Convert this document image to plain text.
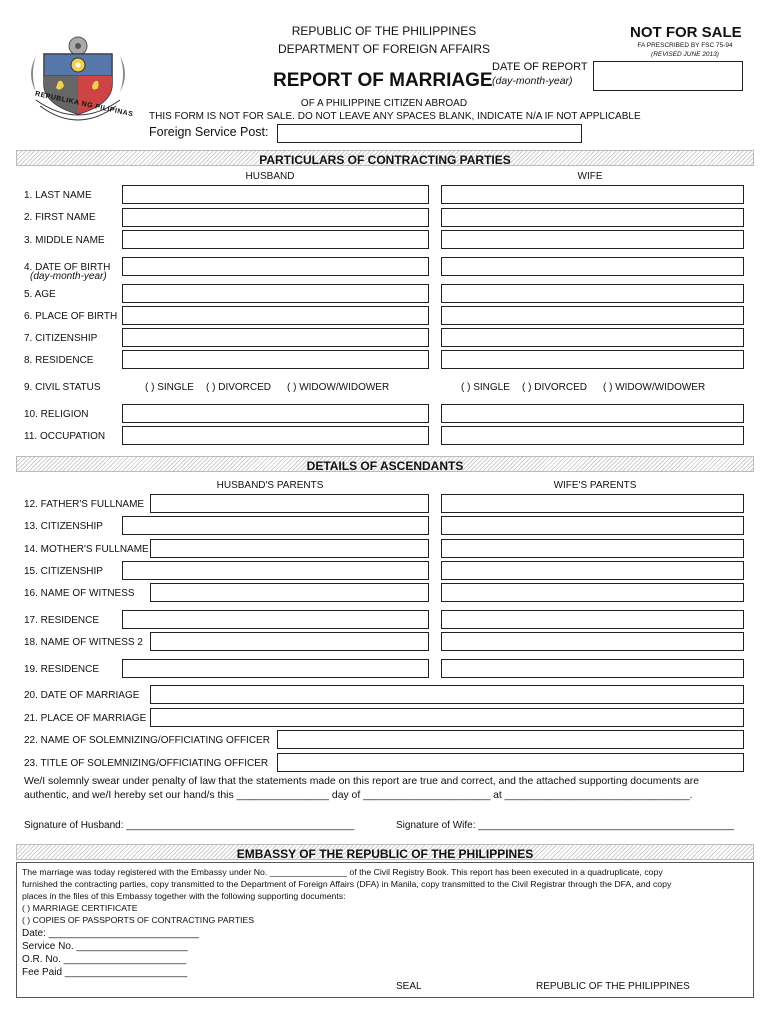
REPUBLIKA NG PILIPINAS
REPUBLIC OF THE PHILIPPINES
DEPARTMENT OF FOREIGN AFFAIRS
NOT FOR SALE
FA PRESCRIBED BY FSC 75-94
(REVISED JUNE 2013)
DATE OF REPORT
REPORT OF MARRIAGE (day-month-year)
OF A PHILIPPINE CITIZEN ABROAD
THIS FORM IS NOT FOR SALE. DO NOT LEAVE ANY SPACES BLANK, INDICATE N/A IF NOT APPLICABLE
Foreign Service Post:
PARTICULARS OF CONTRACTING PARTIES
HUSBAND	WIFE
1. LAST NAME
2. FIRST NAME
3. MIDDLE NAME
4. DATE OF BIRTH
(day-month-year)
5. AGE
6. PLACE OF BIRTH
7. CITIZENSHIP
8. RESIDENCE
9. CIVIL STATUS	( ) SINGLE ( ) DIVORCED ( ) WIDOW/WIDOWER	( ) SINGLE ( ) DIVORCED ( ) WIDOW/WIDOWER
10. RELIGION
11. OCCUPATION
DETAILS OF ASCENDANTS
HUSBAND'S PARENTS	WIFE'S PARENTS
12. FATHER'S FULLNAME
13. CITIZENSHIP
14. MOTHER'S FULLNAME
15. CITIZENSHIP
16. NAME OF WITNESS
17. RESIDENCE
18. NAME OF WITNESS 2
19. RESIDENCE
20. DATE OF MARRIAGE
21. PLACE OF MARRIAGE
22. NAME OF SOLEMNIZING/OFFICIATING OFFICER
23. TITLE OF SOLEMNIZING/OFFICIATING OFFICER
We/I solemnly swear under penalty of law that the statements made on this report are true and correct, and the attached supporting documents are
authentic, and we/I hereby set our hand/s this ________________ day of ______________________ at ________________________________.
Signature of Husband: _________________________________________	Signature of Wife: ______________________________________________
EMBASSY OF THE REPUBLIC OF THE PHILIPPINES
The marriage was today registered with the Embassy under No. ________________ of the Civil Registry Book. This report has been executed in a quadruplicate, copy
furnished the contracting parties, copy transmitted to the Department of Foreign Affairs (DFA) in Manila, copy transmitted to the Civil Registrar through the DFA, and copy
places in the files of this Embassy together with the following supporting documents:
( ) MARRIAGE CERTIFICATE
( ) COPIES OF PASSPORTS OF CONTRACTING PARTIES
Date: ___________________________
Service No. ____________________
O.R. No. ______________________
Fee Paid ______________________
SEAL	REPUBLIC OF THE PHILIPPINES
